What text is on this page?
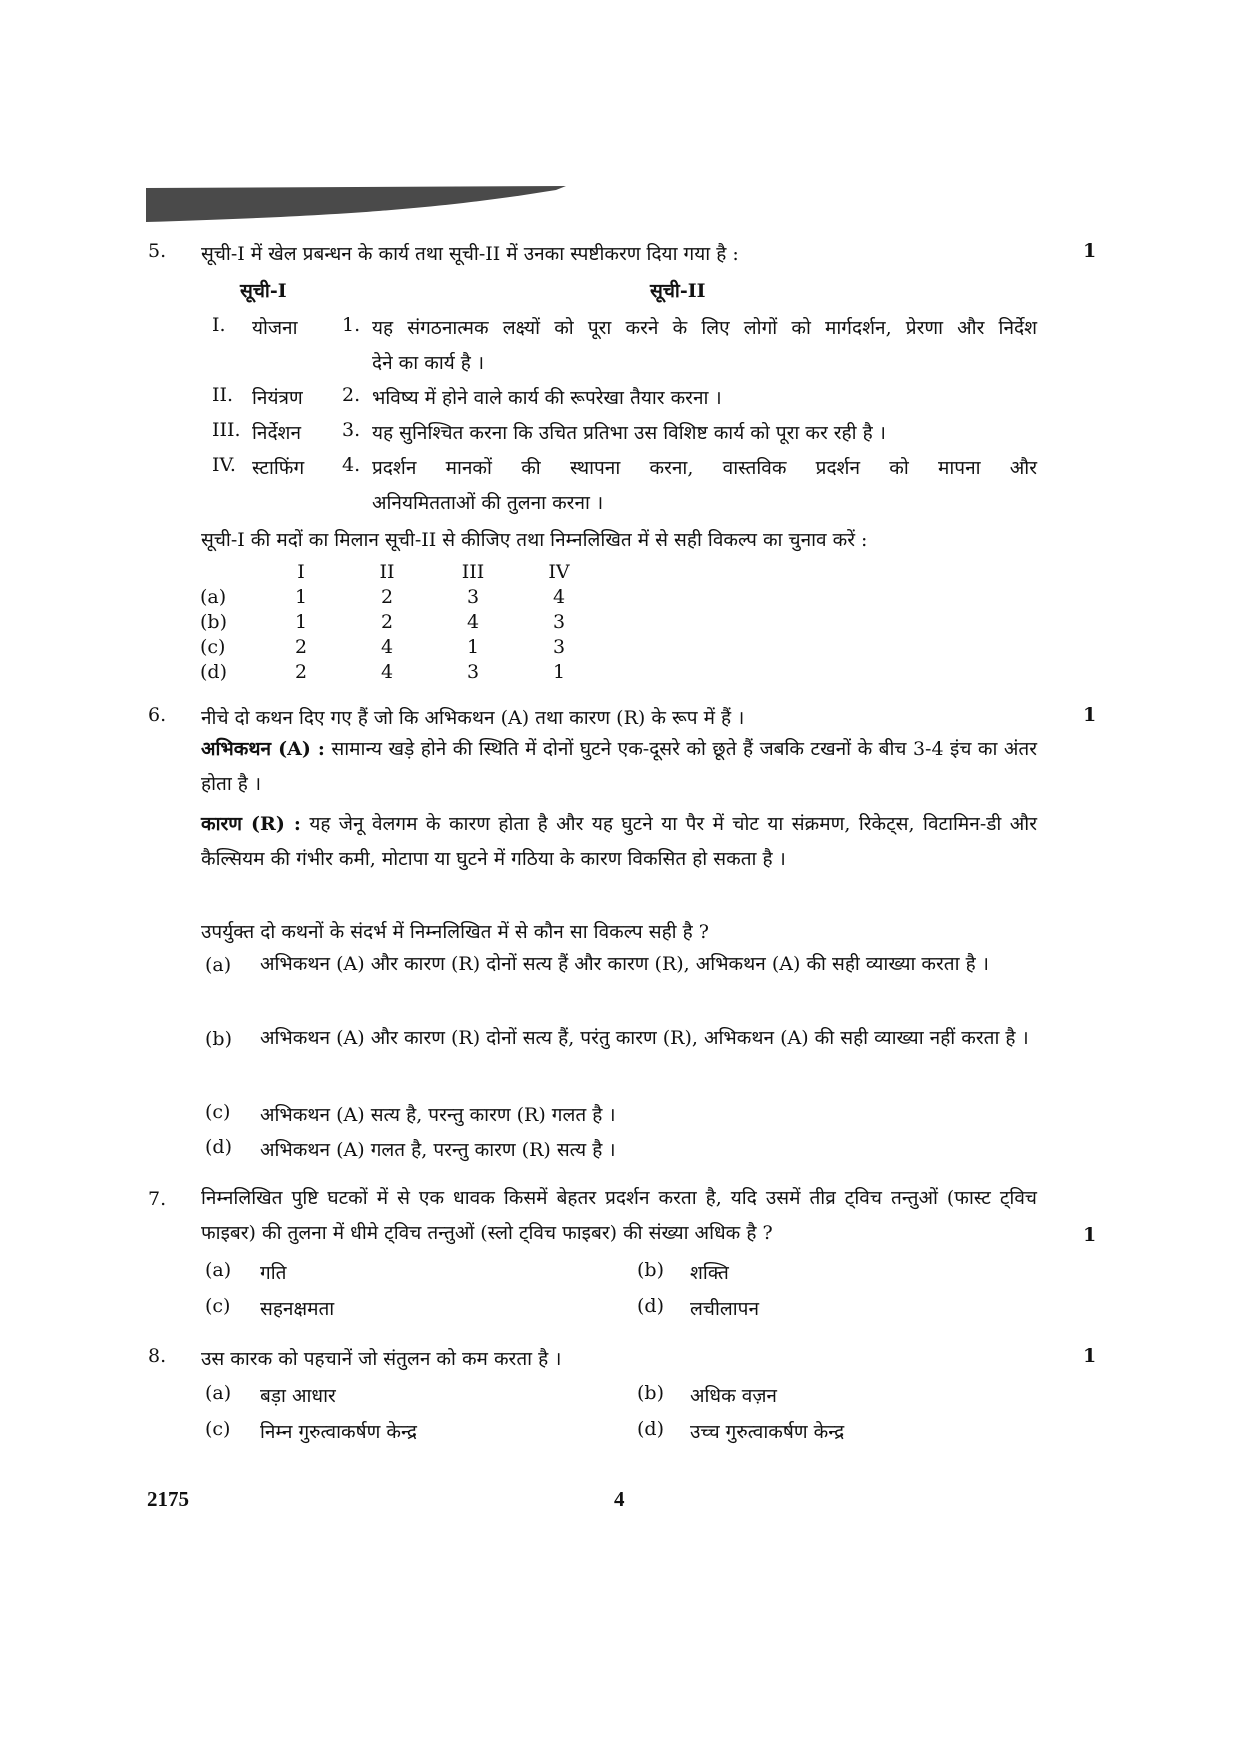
5.	सूची-I में खेल प्रबन्धन के कार्य तथा सूची-II में उनका स्पष्टीकरण दिया गया है :	1
सूची-I	सूची-II
I. योजना 1. यह संगठनात्मक लक्ष्यों को पूरा करने के लिए लोगों को मार्गदर्शन, प्रेरणा और निर्देश
देने का कार्य है ।
II. नियंत्रण 2. भविष्य में होने वाले कार्य की रूपरेखा तैयार करना ।
III. निर्देशन 3. यह सुनिश्चित करना कि उचित प्रतिभा उस विशिष्ट कार्य को पूरा कर रही है ।
IV. स्टाफिंग 4. प्रदर्शन मानकों की स्थापना करना, वास्तविक प्रदर्शन को मापना और
अनियमितताओं की तुलना करना ।
सूची-I की मदों का मिलान सूची-II से कीजिए तथा निम्नलिखित में से सही विकल्प का चुनाव करें :
	I	II	III	IV
(a)	1	2	3	4
(b)	1	2	4	3
(c)	2	4	1	3
(d)	2	4	3	1
6.	नीचे दो कथन दिए गए हैं जो कि अभिकथन (A) तथा कारण (R) के रूप में हैं ।	1
अभिकथन (A) : सामान्य खड़े होने की स्थिति में दोनों घुटने एक-दूसरे को छूते हैं जबकि टखनों के बीच 3-4 इंच का अंतर होता है ।
कारण (R) : यह जेनू वेलगम के कारण होता है और यह घुटने या पैर में चोट या संक्रमण, रिकेट्स, विटामिन-डी और कैल्सियम की गंभीर कमी, मोटापा या घुटने में गठिया के कारण विकसित हो सकता है ।
उपर्युक्त दो कथनों के संदर्भ में निम्नलिखित में से कौन सा विकल्प सही है ?
(a) अभिकथन (A) और कारण (R) दोनों सत्य हैं और कारण (R), अभिकथन (A) की सही व्याख्या करता है ।
(b) अभिकथन (A) और कारण (R) दोनों सत्य हैं, परंतु कारण (R), अभिकथन (A) की सही व्याख्या नहीं करता है ।
(c) अभिकथन (A) सत्य है, परन्तु कारण (R) गलत है ।
(d) अभिकथन (A) गलत है, परन्तु कारण (R) सत्य है ।
7.	निम्नलिखित पुष्टि घटकों में से एक धावक किसमें बेहतर प्रदर्शन करता है, यदि उसमें तीव्र ट्विच तन्तुओं (फास्ट ट्विच फाइबर) की तुलना में धीमे ट्विच तन्तुओं (स्लो ट्विच फाइबर) की संख्या अधिक है ?	1
(a) गति	(b) शक्ति
(c) सहनक्षमता	(d) लचीलापन
8.	उस कारक को पहचानें जो संतुलन को कम करता है ।	1
(a) बड़ा आधार	(b) अधिक वज़न
(c) निम्न गुरुत्वाकर्षण केन्द्र	(d) उच्च गुरुत्वाकर्षण केन्द्र
2175	4
